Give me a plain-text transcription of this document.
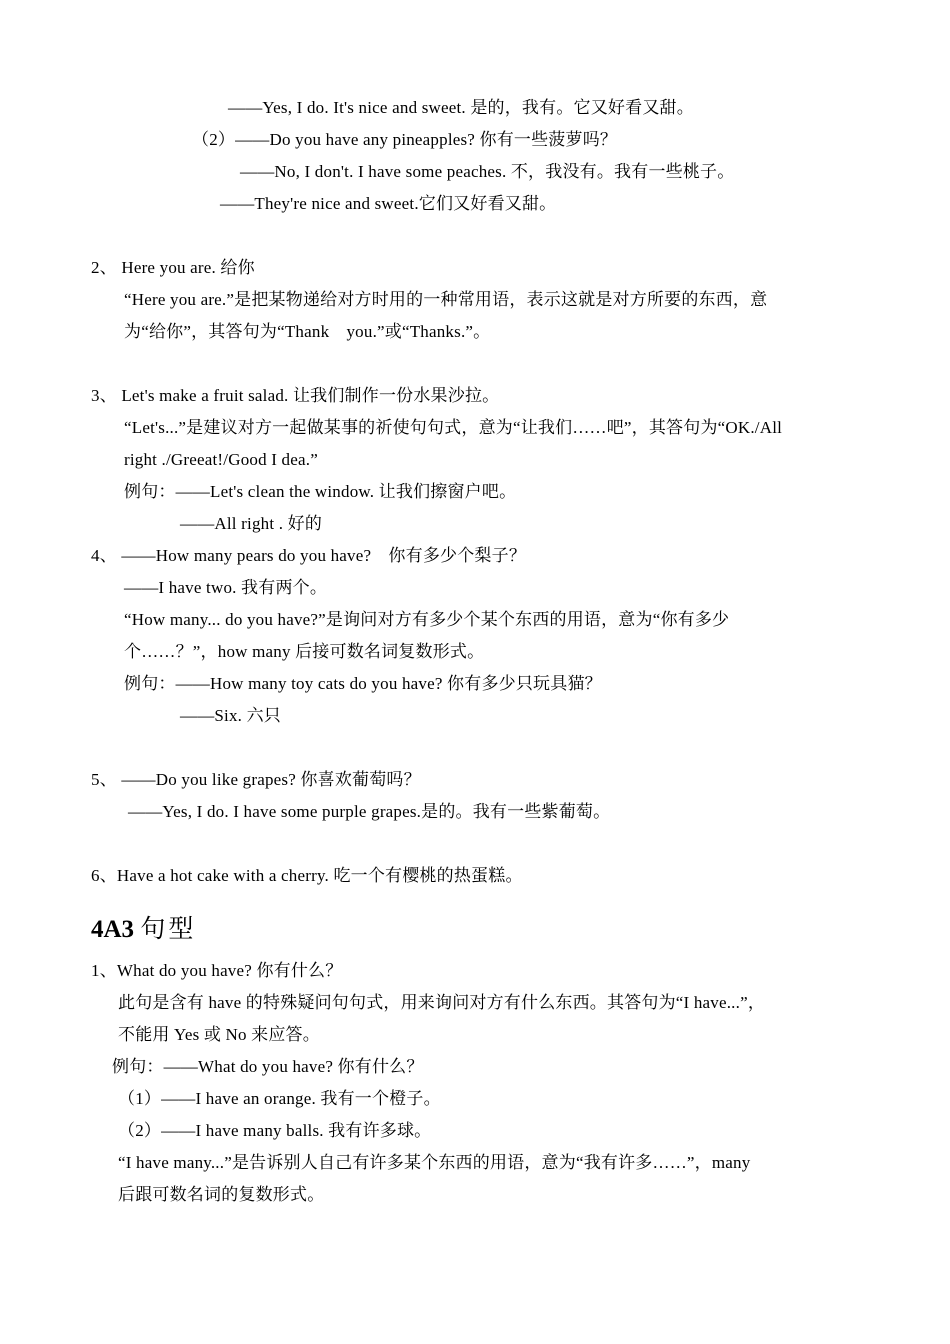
——Yes, I do. It's nice and sweet. 是的，我有。它又好看又甜。
（2）——Do you have any pineapples? 你有一些菠萝吗？
——No, I don't. I have some peaches. 不，我没有。我有一些桃子。
——They're nice and sweet.它们又好看又甜。
2、 Here you are. 给你
“Here you are.”是把某物递给对方时用的一种常用语，表示这就是对方所要的东西，意
为“给你”，其答句为“Thank　you.”或“Thanks.”。
3、 Let's make a fruit salad. 让我们制作一份水果沙拉。
“Let's...”是建议对方一起做某事的祈使句句式，意为“让我们……吧”，其答句为“OK./All
right ./Greeat!/Good I dea.”
例句：——Let's clean the window. 让我们擦窗户吧。
——All right . 好的
4、 ——How many pears do you have?　你有多少个梨子？
——I have two. 我有两个。
“How many... do you have?”是询问对方有多少个某个东西的用语，意为“你有多少
个……？”，how many 后接可数名词复数形式。
例句：——How many toy cats do you have? 你有多少只玩具猫？
——Six. 六只
5、 ——Do you like grapes? 你喜欢葡萄吗？
——Yes, I do. I have some purple grapes.是的。我有一些紫葡萄。
6、Have a hot cake with a cherry. 吃一个有樱桃的热蛋糕。
4A3 句型
1、What do you have? 你有什么？
此句是含有 have 的特殊疑问句句式，用来询问对方有什么东西。其答句为“I have...”，
不能用 Yes 或 No 来应答。
例句：——What do you have? 你有什么？
（1）——I have an orange. 我有一个橙子。
（2）——I have many balls. 我有许多球。
“I have many...”是告诉别人自己有许多某个东西的用语，意为“我有许多……”，many
后跟可数名词的复数形式。
